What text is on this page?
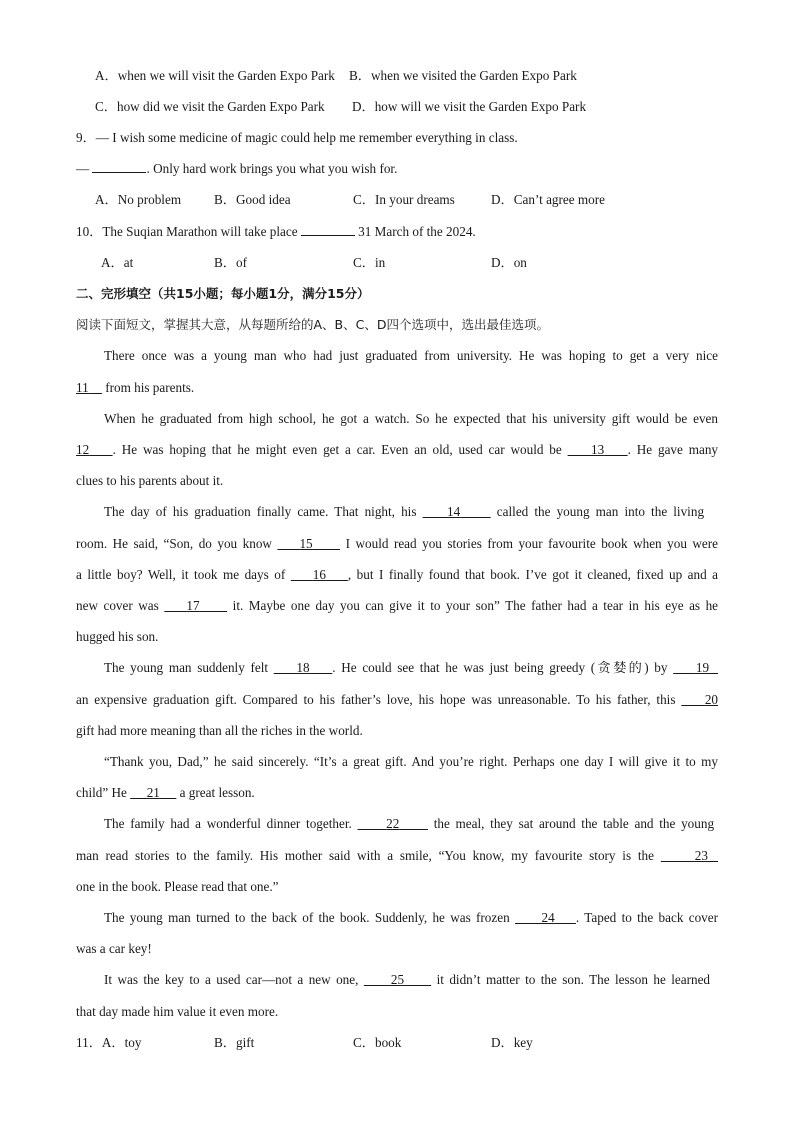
A．when we will visit the Garden Expo Park B．when we visited the Garden Expo Park

C．how did we visit the Garden Expo Park D．how will we visit the Garden Expo Park

9．— I wish some medicine of magic could help me remember everything in class.

—	. Only hard work brings you what you wish for.

A．No problem B．Good idea	C．In your dreams	D．Can’t agree more

10．The Suqian Marathon will take place	31 March of the 2024.

A．at	B．of	C．in	D．on

二、完形填空（共15小题；每小题1分，满分15分）

阅读下面短文，掌握其大意，从每题所给的A、B、C、D四个选项中，选出最佳选项。

There once was a young man who had just graduated from university. He was hoping to get a very nice

11 from his parents.

When he graduated from high school, he got a watch. So he expected that his university gift would be even

12 . He was hoping that he might even get a car. Even an old, used car would be 13 . He gave many

clues to his parents about it.

The day of his graduation finally came. That night, his 14	called the young man into the living

room. He said, “Son, do you know 15 I would read you stories from your favourite book when you were

a little boy? Well, it took me days of 16 , but I finally found that book. I’ve got it cleaned, fixed up and a

new cover was 17	it. Maybe one day you can give it to your son” The father had a tear in his eye as he

hugged his son.

The young man suddenly felt 18 . He could see that he was just being greedy (贪婪的) by 19

an expensive graduation gift. Compared to his father’s love, his hope was unreasonable. To his father, this 20

gift had more meaning than all the riches in the world.

“Thank you, Dad,” he said sincerely. “It’s a great gift. And you’re right. Perhaps one day I will give it to my

child” He 21 a great lesson.

The family had a wonderful dinner together.	22	the meal, they sat around the table and the young

man read stories to the family. His mother said with a smile, “You know, my favourite story is the	23

one in the book. Please read that one.”

The young man turned to the back of the book. Suddenly, he was frozen 24 . Taped to the back cover

was a car key!

It was the key to a used car—not a new one, 25 it didn’t matter to the son. The lesson he learned

that day made him value it even more.

11．A．toy	B．gift	C．book	D．key
